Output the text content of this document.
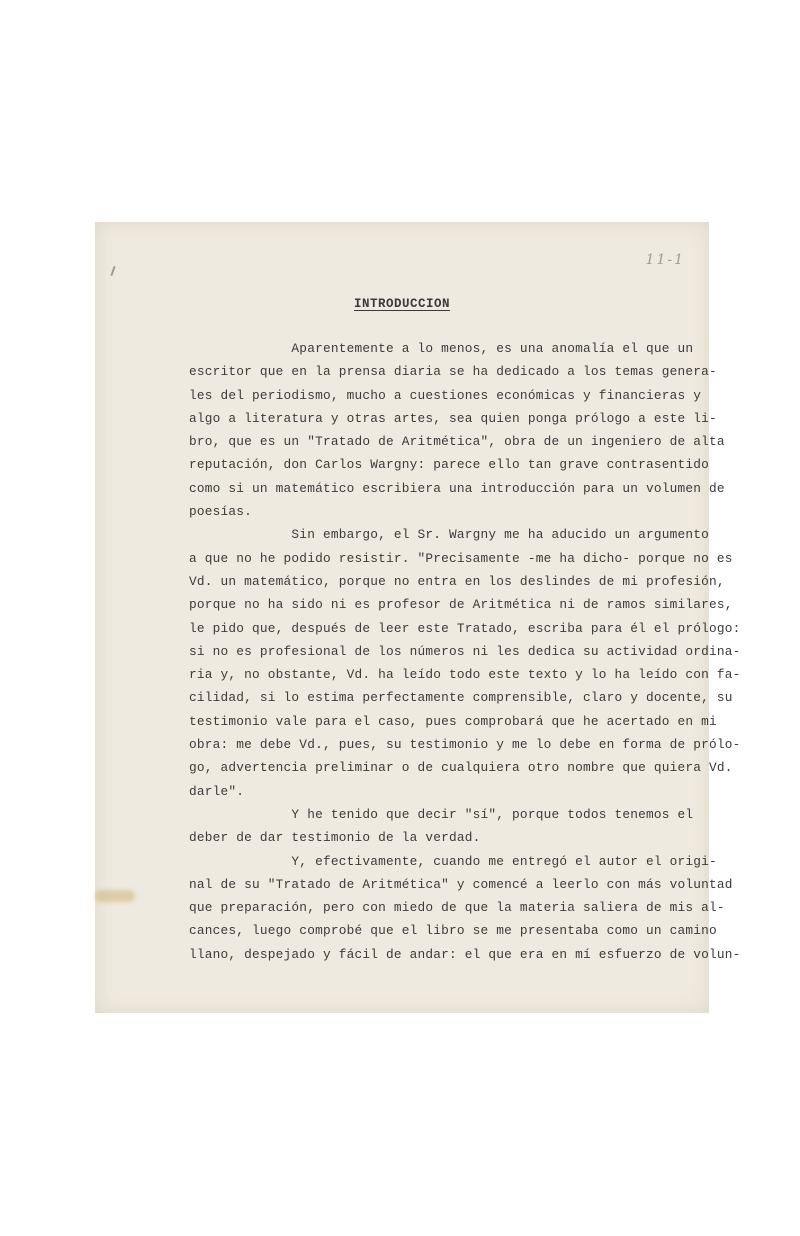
11-1
INTRODUCCION
Aparentemente a lo menos, es una anomalía el que un
escritor que en la prensa diaria se ha dedicado a los temas genera-
les del periodismo, mucho a cuestiones económicas y financieras y
algo a literatura y otras artes, sea quien ponga prólogo a este li-
bro, que es un "Tratado de Aritmética", obra de un ingeniero de alta
reputación, don Carlos Wargny: parece ello tan grave contrasentido
como si un matemático escribiera una introducción para un volumen de
poesías.
Sin embargo, el Sr. Wargny me ha aducido un argumento
a que no he podido resistir. "Precisamente -me ha dicho- porque no es
Vd. un matemático, porque no entra en los deslindes de mi profesión,
porque no ha sido ni es profesor de Aritmética ni de ramos similares,
le pido que, después de leer este Tratado, escriba para él el prólogo:
si no es profesional de los números ni les dedica su actividad ordina-
ria y, no obstante, Vd. ha leído todo este texto y lo ha leído con fa-
cilidad, si lo estima perfectamente comprensible, claro y docente, su
testimonio vale para el caso, pues comprobará que he acertado en mi
obra: me debe Vd., pues, su testimonio y me lo debe en forma de prólo-
go, advertencia preliminar o de cualquiera otro nombre que quiera Vd.
darle".
Y he tenido que decir "sí", porque todos tenemos el
deber de dar testimonio de la verdad.
Y, efectivamente, cuando me entregó el autor el origi-
nal de su "Tratado de Aritmética" y comencé a leerlo con más voluntad
que preparación, pero con miedo de que la materia saliera de mis al-
cances, luego comprobé que el libro se me presentaba como un camino
llano, despejado y fácil de andar: el que era en mí esfuerzo de volun-
